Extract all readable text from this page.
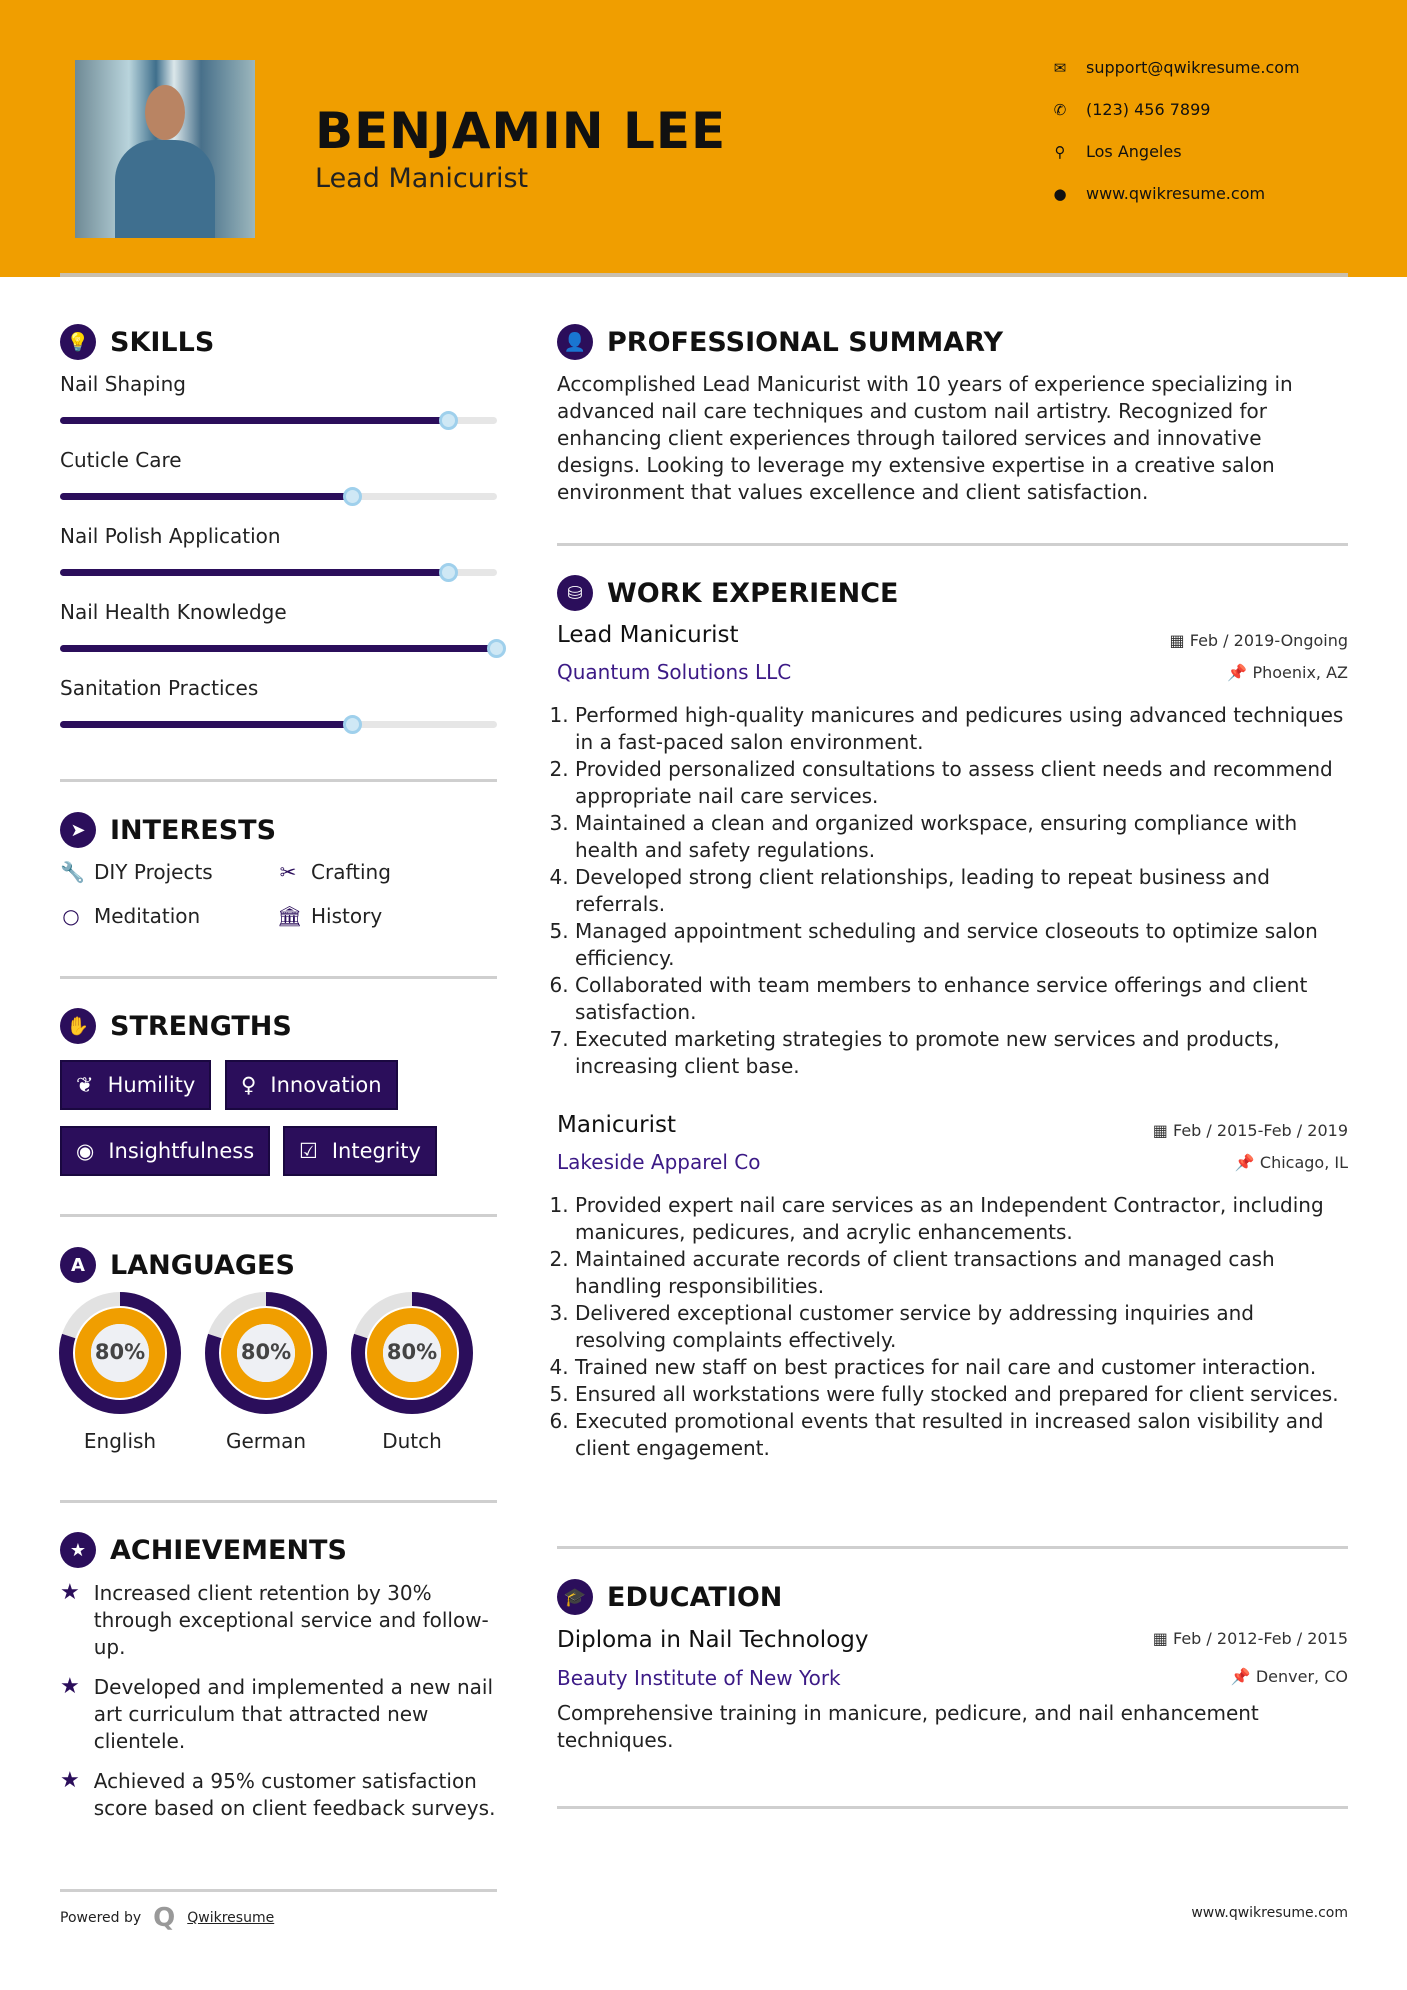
BENJAMIN LEE
Lead Manicurist
✉ support@qwikresume.com
✆ (123) 456 7899
⚲ Los Angeles
● www.qwikresume.com
💡 SKILLS
Nail Shaping
Cuticle Care
Nail Polish Application
Nail Health Knowledge
Sanitation Practices
➤ INTERESTS
🔧 DIY Projects	✂ Crafting
○ Meditation	🏛 History
✋ STRENGTHS
❦ Humility ♀ Innovation
◉ Insightfulness ☑ Integrity
A LANGUAGES
80%
English
80%
German
80%
Dutch
★ ACHIEVEMENTS
★ Increased client retention by 30% through exceptional service and follow-up.
★ Developed and implemented a new nail art curriculum that attracted new clientele.
★ Achieved a 95% customer satisfaction score based on client feedback surveys.
Powered by Q Qwikresume	www.qwikresume.com
👤 PROFESSIONAL SUMMARY
Accomplished Lead Manicurist with 10 years of experience specializing in advanced nail care techniques and custom nail artistry. Recognized for enhancing client experiences through tailored services and innovative designs. Looking to leverage my extensive expertise in a creative salon environment that values excellence and client satisfaction.
⛁ WORK EXPERIENCE
Lead Manicurist
Quantum Solutions LLC
▦ Feb / 2019-Ongoing
📌 Phoenix, AZ
1. Performed high-quality manicures and pedicures using advanced techniques in a fast-paced salon environment.
2. Provided personalized consultations to assess client needs and recommend appropriate nail care services.
3. Maintained a clean and organized workspace, ensuring compliance with health and safety regulations.
4. Developed strong client relationships, leading to repeat business and referrals.
5. Managed appointment scheduling and service closeouts to optimize salon efficiency.
6. Collaborated with team members to enhance service offerings and client satisfaction.
7. Executed marketing strategies to promote new services and products, increasing client base.
Manicurist
Lakeside Apparel Co
▦ Feb / 2015-Feb / 2019
📌 Chicago, IL
1. Provided expert nail care services as an Independent Contractor, including manicures, pedicures, and acrylic enhancements.
2. Maintained accurate records of client transactions and managed cash handling responsibilities.
3. Delivered exceptional customer service by addressing inquiries and resolving complaints effectively.
4. Trained new staff on best practices for nail care and customer interaction.
5. Ensured all workstations were fully stocked and prepared for client services.
6. Executed promotional events that resulted in increased salon visibility and client engagement.
🎓 EDUCATION
Diploma in Nail Technology
Beauty Institute of New York
▦ Feb / 2012-Feb / 2015
📌 Denver, CO
Comprehensive training in manicure, pedicure, and nail enhancement techniques.
